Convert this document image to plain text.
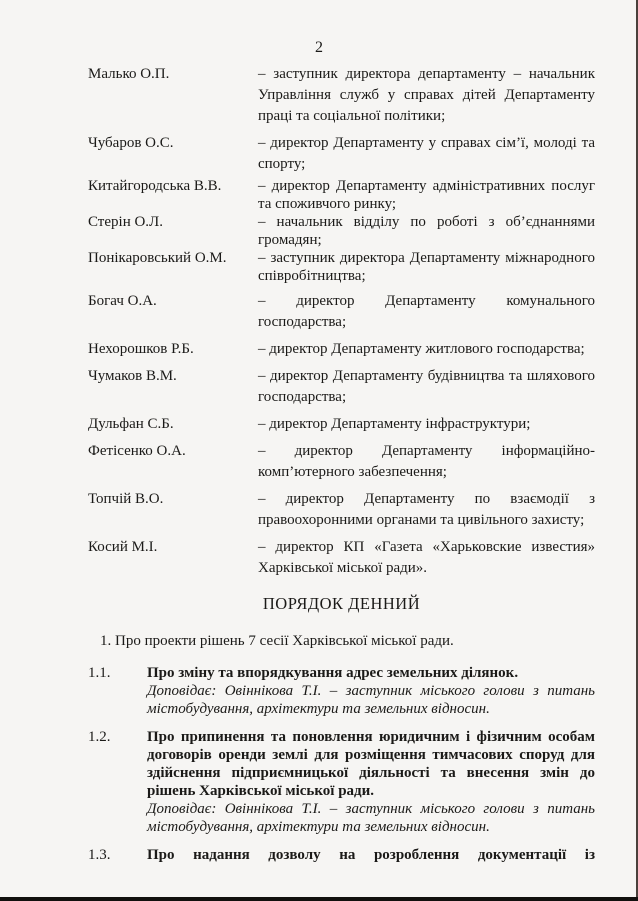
2
Малько О.П.	– заступник директора департаменту – начальник Управління служб у справах дітей Департаменту праці та соціальної політики;
Чубаров О.С.	– директор Департаменту у справах сім’ї, молоді та спорту;
Китайгородська В.В.	– директор Департаменту адміністративних послуг та споживчого ринку;
Стерін О.Л.	– начальник відділу по роботі з об’єднаннями громадян;
Понікаровський О.М.	– заступник директора Департаменту міжнародного співробітництва;
Богач О.А.	– директор Департаменту комунального господарства;
Нехорошков Р.Б.	– директор Департаменту житлового господарства;
Чумаков В.М.	– директор Департаменту будівництва та шляхового господарства;
Дульфан С.Б.	– директор Департаменту інфраструктури;
Фетісенко О.А.	– директор Департаменту інформаційно-комп’ютерного забезпечення;
Топчій В.О.	– директор Департаменту по взаємодії з правоохоронними органами та цивільного захисту;
Косий М.І.	– директор КП «Газета «Харьковские известия» Харківської міської ради».
ПОРЯДОК ДЕННИЙ
1. Про проекти рішень 7 сесії Харківської міської ради.
1.1.	Про зміну та впорядкування адрес земельних ділянок.
Доповідає: Овіннікова Т.І. – заступник міського голови з питань містобудування, архітектури та земельних відносин.
1.2.	Про припинення та поновлення юридичним і фізичним особам договорів оренди землі для розміщення тимчасових споруд для здійснення підприємницької діяльності та внесення змін до рішень Харківської міської ради.
Доповідає: Овіннікова Т.І. – заступник міського голови з питань містобудування, архітектури та земельних відносин.
1.3.	Про надання дозволу на розроблення документації із
